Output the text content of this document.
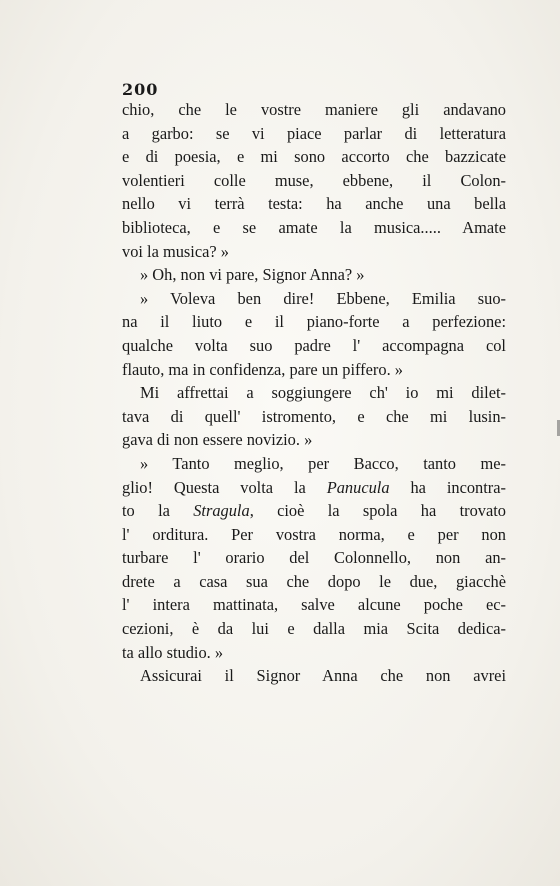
200
chio, che le vostre maniere gli andavano
a garbo: se vi piace parlar di letteratura
e di poesia, e mi sono accorto che bazzicate
volentieri colle muse, ebbene, il Colon-
nello vi terrà testa: ha anche una bella
biblioteca, e se amate la musica..... Amate
voi la musica? »
» Oh, non vi pare, Signor Anna? »
» Voleva ben dire! Ebbene, Emilia suo-
na il liuto e il piano-forte a perfezione:
qualche volta suo padre l' accompagna col
flauto, ma in confidenza, pare un piffero. »
Mi affrettai a soggiungere ch' io mi dilet-
tava di quell' istromento, e che mi lusin-
gava di non essere novizio. »
» Tanto meglio, per Bacco, tanto me-
glio! Questa volta la Panucula ha incontra-
to la Stragula, cioè la spola ha trovato
l' orditura. Per vostra norma, e per non
turbare l' orario del Colonnello, non an-
drete a casa sua che dopo le due, giacchè
l' intera mattinata, salve alcune poche ec-
cezioni, è da lui e dalla mia Scita dedica-
ta allo studio. »
Assicurai il Signor Anna che non avrei
